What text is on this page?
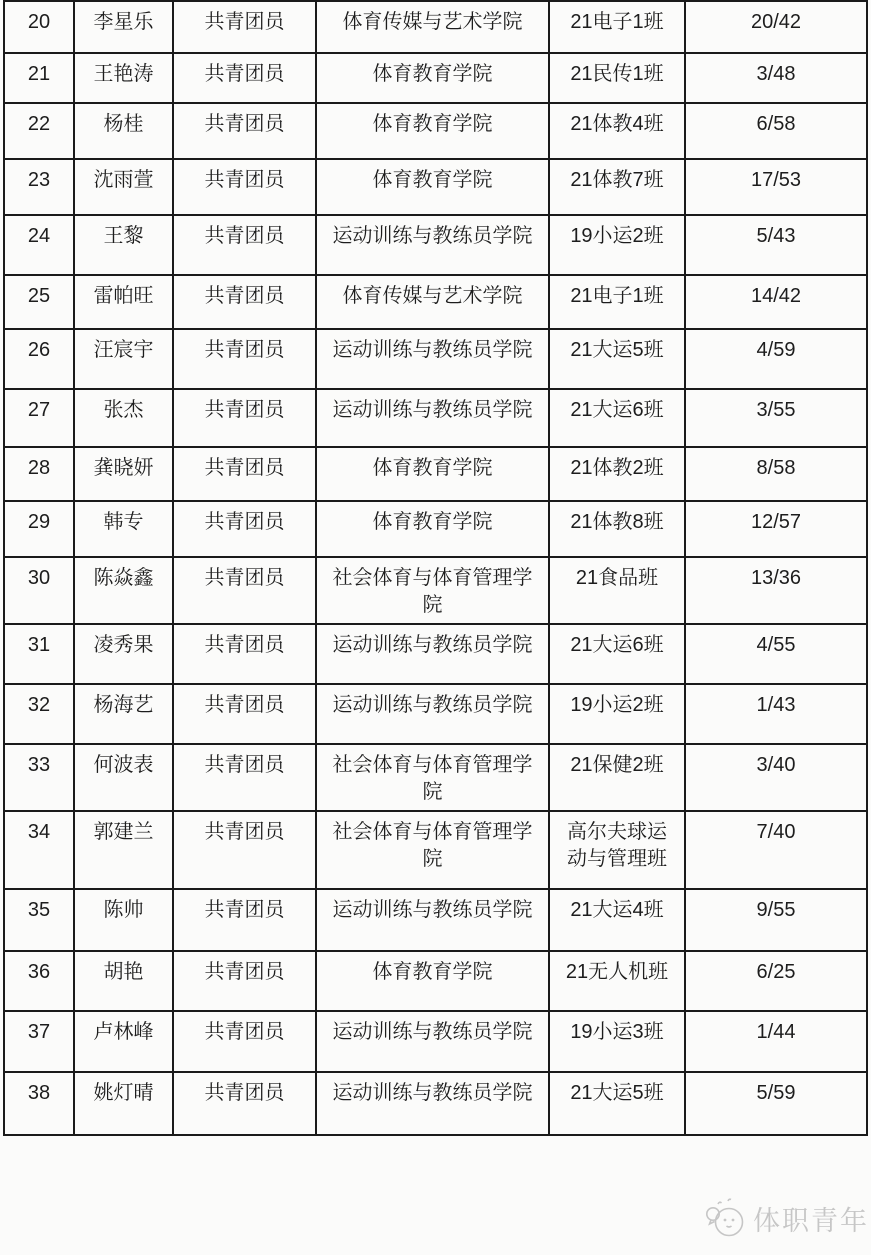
20	李星乐	共青团员	体育传媒与艺术学院	21电子1班	20/42
21	王艳涛	共青团员	体育教育学院	21民传1班	3/48
22	杨桂	共青团员	体育教育学院	21体教4班	6/58
23	沈雨萱	共青团员	体育教育学院	21体教7班	17/53
24	王黎	共青团员	运动训练与教练员学院	19小运2班	5/43
25	雷帕旺	共青团员	体育传媒与艺术学院	21电子1班	14/42
26	汪宸宇	共青团员	运动训练与教练员学院	21大运5班	4/59
27	张杰	共青团员	运动训练与教练员学院	21大运6班	3/55
28	龚晓妍	共青团员	体育教育学院	21体教2班	8/58
29	韩专	共青团员	体育教育学院	21体教8班	12/57
30	陈焱鑫	共青团员	社会体育与体育管理学院	21食品班	13/36
31	凌秀果	共青团员	运动训练与教练员学院	21大运6班	4/55
32	杨海艺	共青团员	运动训练与教练员学院	19小运2班	1/43
33	何波表	共青团员	社会体育与体育管理学院	21保健2班	3/40
34	郭建兰	共青团员	社会体育与体育管理学院	高尔夫球运动与管理班	7/40
35	陈帅	共青团员	运动训练与教练员学院	21大运4班	9/55
36	胡艳	共青团员	体育教育学院	21无人机班	6/25
37	卢林峰	共青团员	运动训练与教练员学院	19小运3班	1/44
38	姚灯晴	共青团员	运动训练与教练员学院	21大运5班	5/59
体职青年
